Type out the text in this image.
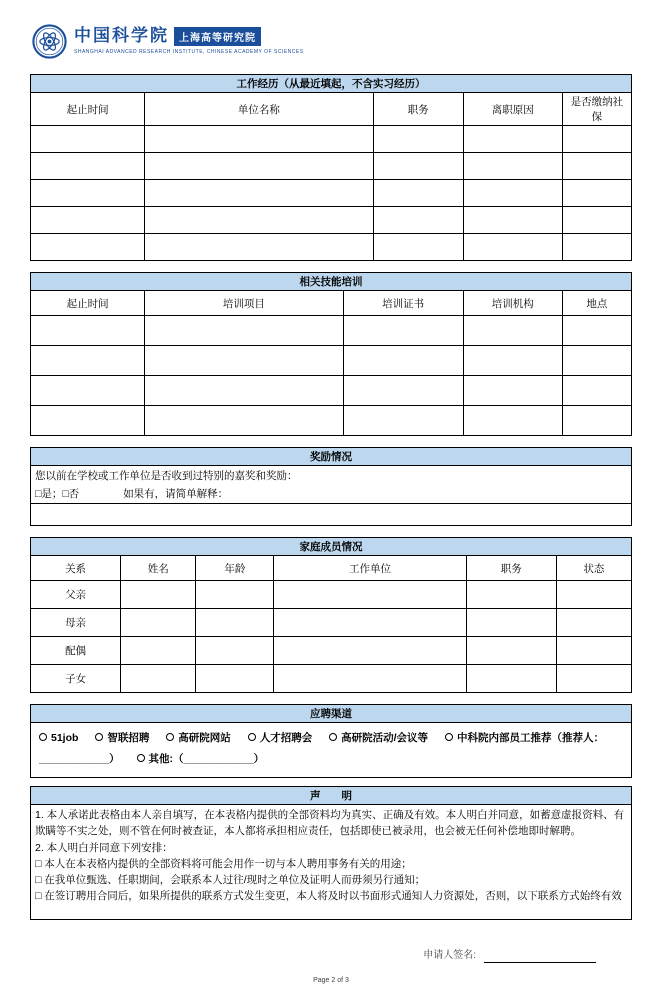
中国科学院	上海高等研究院
SHANGHAI ADVANCED RESEARCH INSTITUTE, CHINESE ACADEMY OF SCIENCES
工作经历（从最近填起，不含实习经历）				
起止时间	单位名称	职务	离职原因	是否缴纳社保

相关技能培训				
起止时间	培训项目	培训证书	培训机构	地点

奖励情况

您以前在学校或工作单位是否收到过特别的嘉奖和奖励：
□是；□否	如果有，请简单解释：

家庭成员情况					
关系	姓名	年龄	工作单位	职务	状态
父亲					
母亲					
配偶					
子女					
应聘渠道
51job	智联招聘	高研院网站	人才招聘会	高研院活动/会议等	中科院内部员工推荐（推荐人：____________）	其他:（____________）
声　　明

1. 本人承诺此表格由本人亲自填写，在本表格内提供的全部资料均为真实、正确及有效。本人明白并同意，如蓄意虚报资料、有欺瞒等不实之处，则不管在何时被查证，本人都将承担相应责任，包括即使已被录用，也会被无任何补偿地即时解聘。
2. 本人明白并同意下列安排：
□ 本人在本表格内提供的全部资料将可能会用作一切与本人聘用事务有关的用途；
□ 在我单位甄选、任职期间，会联系本人过往/现时之单位及证明人而毋须另行通知；
□ 在签订聘用合同后，如果所提供的联系方式发生变更，本人将及时以书面形式通知人力资源处，否则，以下联系方式始终有效
申请人签名:
Page 2 of 3
